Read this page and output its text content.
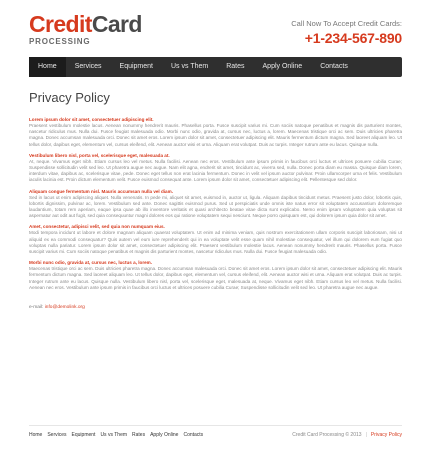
CreditCard
PROCESSING
Call Now To Accept Credit Cards:
+1-234-567-890
Home	Services	Equipment	Us vs Them	Rates	Apply Online	Contacts
Privacy Policy

Lorem ipsum dolor sit amet, consectetuer adipiscing elit.

Praesent vestibulum molestie lacus. Aenean nonummy hendrerit mauris. Phasellus porta. Fusce suscipit varius mi. Cum sociis natoque penatibus et magnis dis parturient montes, nascetur ridiculus mus. Nulla dui. Fusce feugiat malesuada odio. Morbi nunc odio, gravida at, cursus nec, luctus a, lorem. Maecenas tristique orci ac sem. Duis ultricies pharetra magna. Donec accumsan malesuada orci. Donec sit amet eros. Lorem ipsum dolor sit amet, consectetuer adipiscing elit. Mauris fermentum dictum magna. Sed laoreet aliquam leo. Ut tellus dolor, dapibus eget, elementum vel, cursus eleifend, elit. Aenean auctor wisi et urna. Aliquam erat volutpat. Duis ac turpis. Integer rutrum ante eu lacus. Quisque nulla.

Vestibulum libero nisl, porta vel, scelerisque eget, malesuada at.

At, neque. Vivamus eget nibh. Etiam cursus leo vel metus. Nulla facilisi. Aenean nec eros. Vestibulum ante ipsum primis in faucibus orci luctus et ultrices posuere cubilia Curae; Suspendisse sollicitudin velit sed leo. Ut pharetra augue nec augue. Nam elit agna, endrerit sit amet, tincidunt ac, viverra sed, nulla. Donec porta diam eu massa. Quisque diam lorem, interdum vitae, dapibus ac, scelerisque vitae, pede. Donec eget tellus non erat lacinia fermentum. Donec in velit vel ipsum auctor pulvinar. Proin ullamcorper urna et felis. Vestibulum iaculis lacinia est. Proin dictum elementum velit. Fusce euismod consequat ante. Lorem ipsum dolor sit amet, consectetuer adipiscing elit. Pellentesque sed dolor.

Aliquam congue fermentum nisl. Mauris accumsan nulla vel diam.

Sed in lacus ut enim adipiscing aliquet. Nulla venenatis. In pede mi, aliquet sit amet, euismod in, auctor ut, ligula. Aliquam dapibus tincidunt metus. Praesent justo dolor, lobortis quis, lobortis dignissim, pulvinar ac, lorem. Vestibulum sed ante. Donec sagittis euismod purus. Sed ut perspiciatis unde omnis iste natus error sit voluptatem accusantium doloremque laudantium, totam rem aperiam, eaque ipsa quae ab illo inventore veritatis et quasi architecto beatae vitae dicta sunt explicabo. Nemo enim ipsam voluptatem quia voluptas sit aspernatur aut odit aut fugit, sed quia consequuntur magni dolores eos qui ratione voluptatem sequi nesciunt. Neque porro quisquam est, qui dolorem ipsum quia dolor sit amet.

Amet, consectetur, adipisci velit, sed quia non numquam eius.

Modi tempora incidunt ut labore et dolore magnam aliquam quaerat voluptatem. Ut enim ad minima veniam, quis nostrum exercitationem ullam corporis suscipit laboriosam, nisi ut aliquid ex ea commodi consequatur? Quis autem vel eum iure reprehenderit qui in ea voluptate velit esse quam nihil molestiae consequatur, vel illum qui dolorem eum fugiat quo voluptas nulla pariatur. Lorem ipsum dolor sit amet, consectetuer adipiscing elit. Praesent vestibulum molestie lacus. Aenean nonummy hendrerit mauris. Phasellus porta. Fusce suscipit varius mi. Cum sociis natoque penatibus et magnis dis parturient montes, nascetur ridiculus mus. Nulla dui. Fusce feugiat malesuada odio.

Morbi nunc odio, gravida at, cursus nec, luctus a, lorem.

Maecenas tristique orci ac sem. Duis ultricies pharetra magna. Donec accumsan malesuada orci. Donec sit amet eros. Lorem ipsum dolor sit amet, consectetuer adipiscing elit. Mauris fermentum dictum magna. Sed laoreet aliquam leo. Ut tellus dolor, dapibus eget, elementum vel, cursus eleifend, elit. Aenean auctor wisi et urna. Aliquam erat volutpat. Duis ac turpis. Integer rutrum ante eu lacus. Quisque nulla. Vestibulum libero nisl, porta vel, scelerisque eget, malesuada at, neque. Vivamus eget nibh. Etiam cursus leo vel metus. Nulla facilisi. Aenean nec eros. Vestibulum ante ipsum primis in faucibus orci luctus et ultrices posuere cubilia Curae; Suspendisse sollicitudin velit sed leo. Ut pharetra augue nec augue.

e-mail: info@demolink.org

Home Services Equipment Us vs Them Rates Apply Online Contacts	Credit Card Processing © 2013 | Privacy Policy
